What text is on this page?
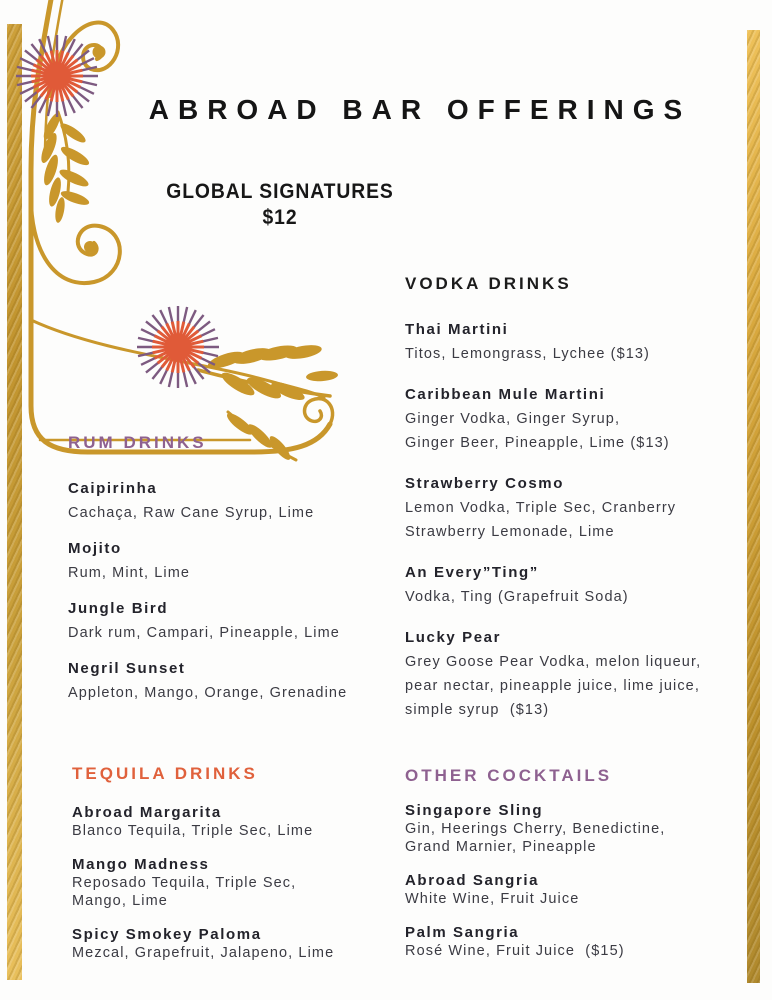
ABROAD BAR OFFERINGS
GLOBAL SIGNATURES
$12
VODKA DRINKS
Thai Martini
Titos, Lemongrass, Lychee ($13)
Caribbean Mule Martini
Ginger Vodka, Ginger Syrup,
Ginger Beer, Pineapple, Lime ($13)
Strawberry Cosmo
Lemon Vodka, Triple Sec, Cranberry
Strawberry Lemonade, Lime
An Every”Ting”
Vodka, Ting (Grapefruit Soda)
Lucky Pear
Grey Goose Pear Vodka, melon liqueur,
pear nectar, pineapple juice, lime juice,
simple syrup  ($13)
RUM DRINKS
Caipirinha
Cachaça, Raw Cane Syrup, Lime
Mojito
Rum, Mint, Lime
Jungle Bird
Dark rum, Campari, Pineapple, Lime
Negril Sunset
Appleton, Mango, Orange, Grenadine
TEQUILA DRINKS
Abroad Margarita
Blanco Tequila, Triple Sec, Lime
Mango Madness
Reposado Tequila, Triple Sec,
Mango, Lime
Spicy Smokey Paloma
Mezcal, Grapefruit, Jalapeno, Lime
OTHER COCKTAILS
Singapore Sling
Gin, Heerings Cherry, Benedictine,
Grand Marnier, Pineapple
Abroad Sangria
White Wine, Fruit Juice
Palm Sangria
Rosé Wine, Fruit Juice  ($15)
